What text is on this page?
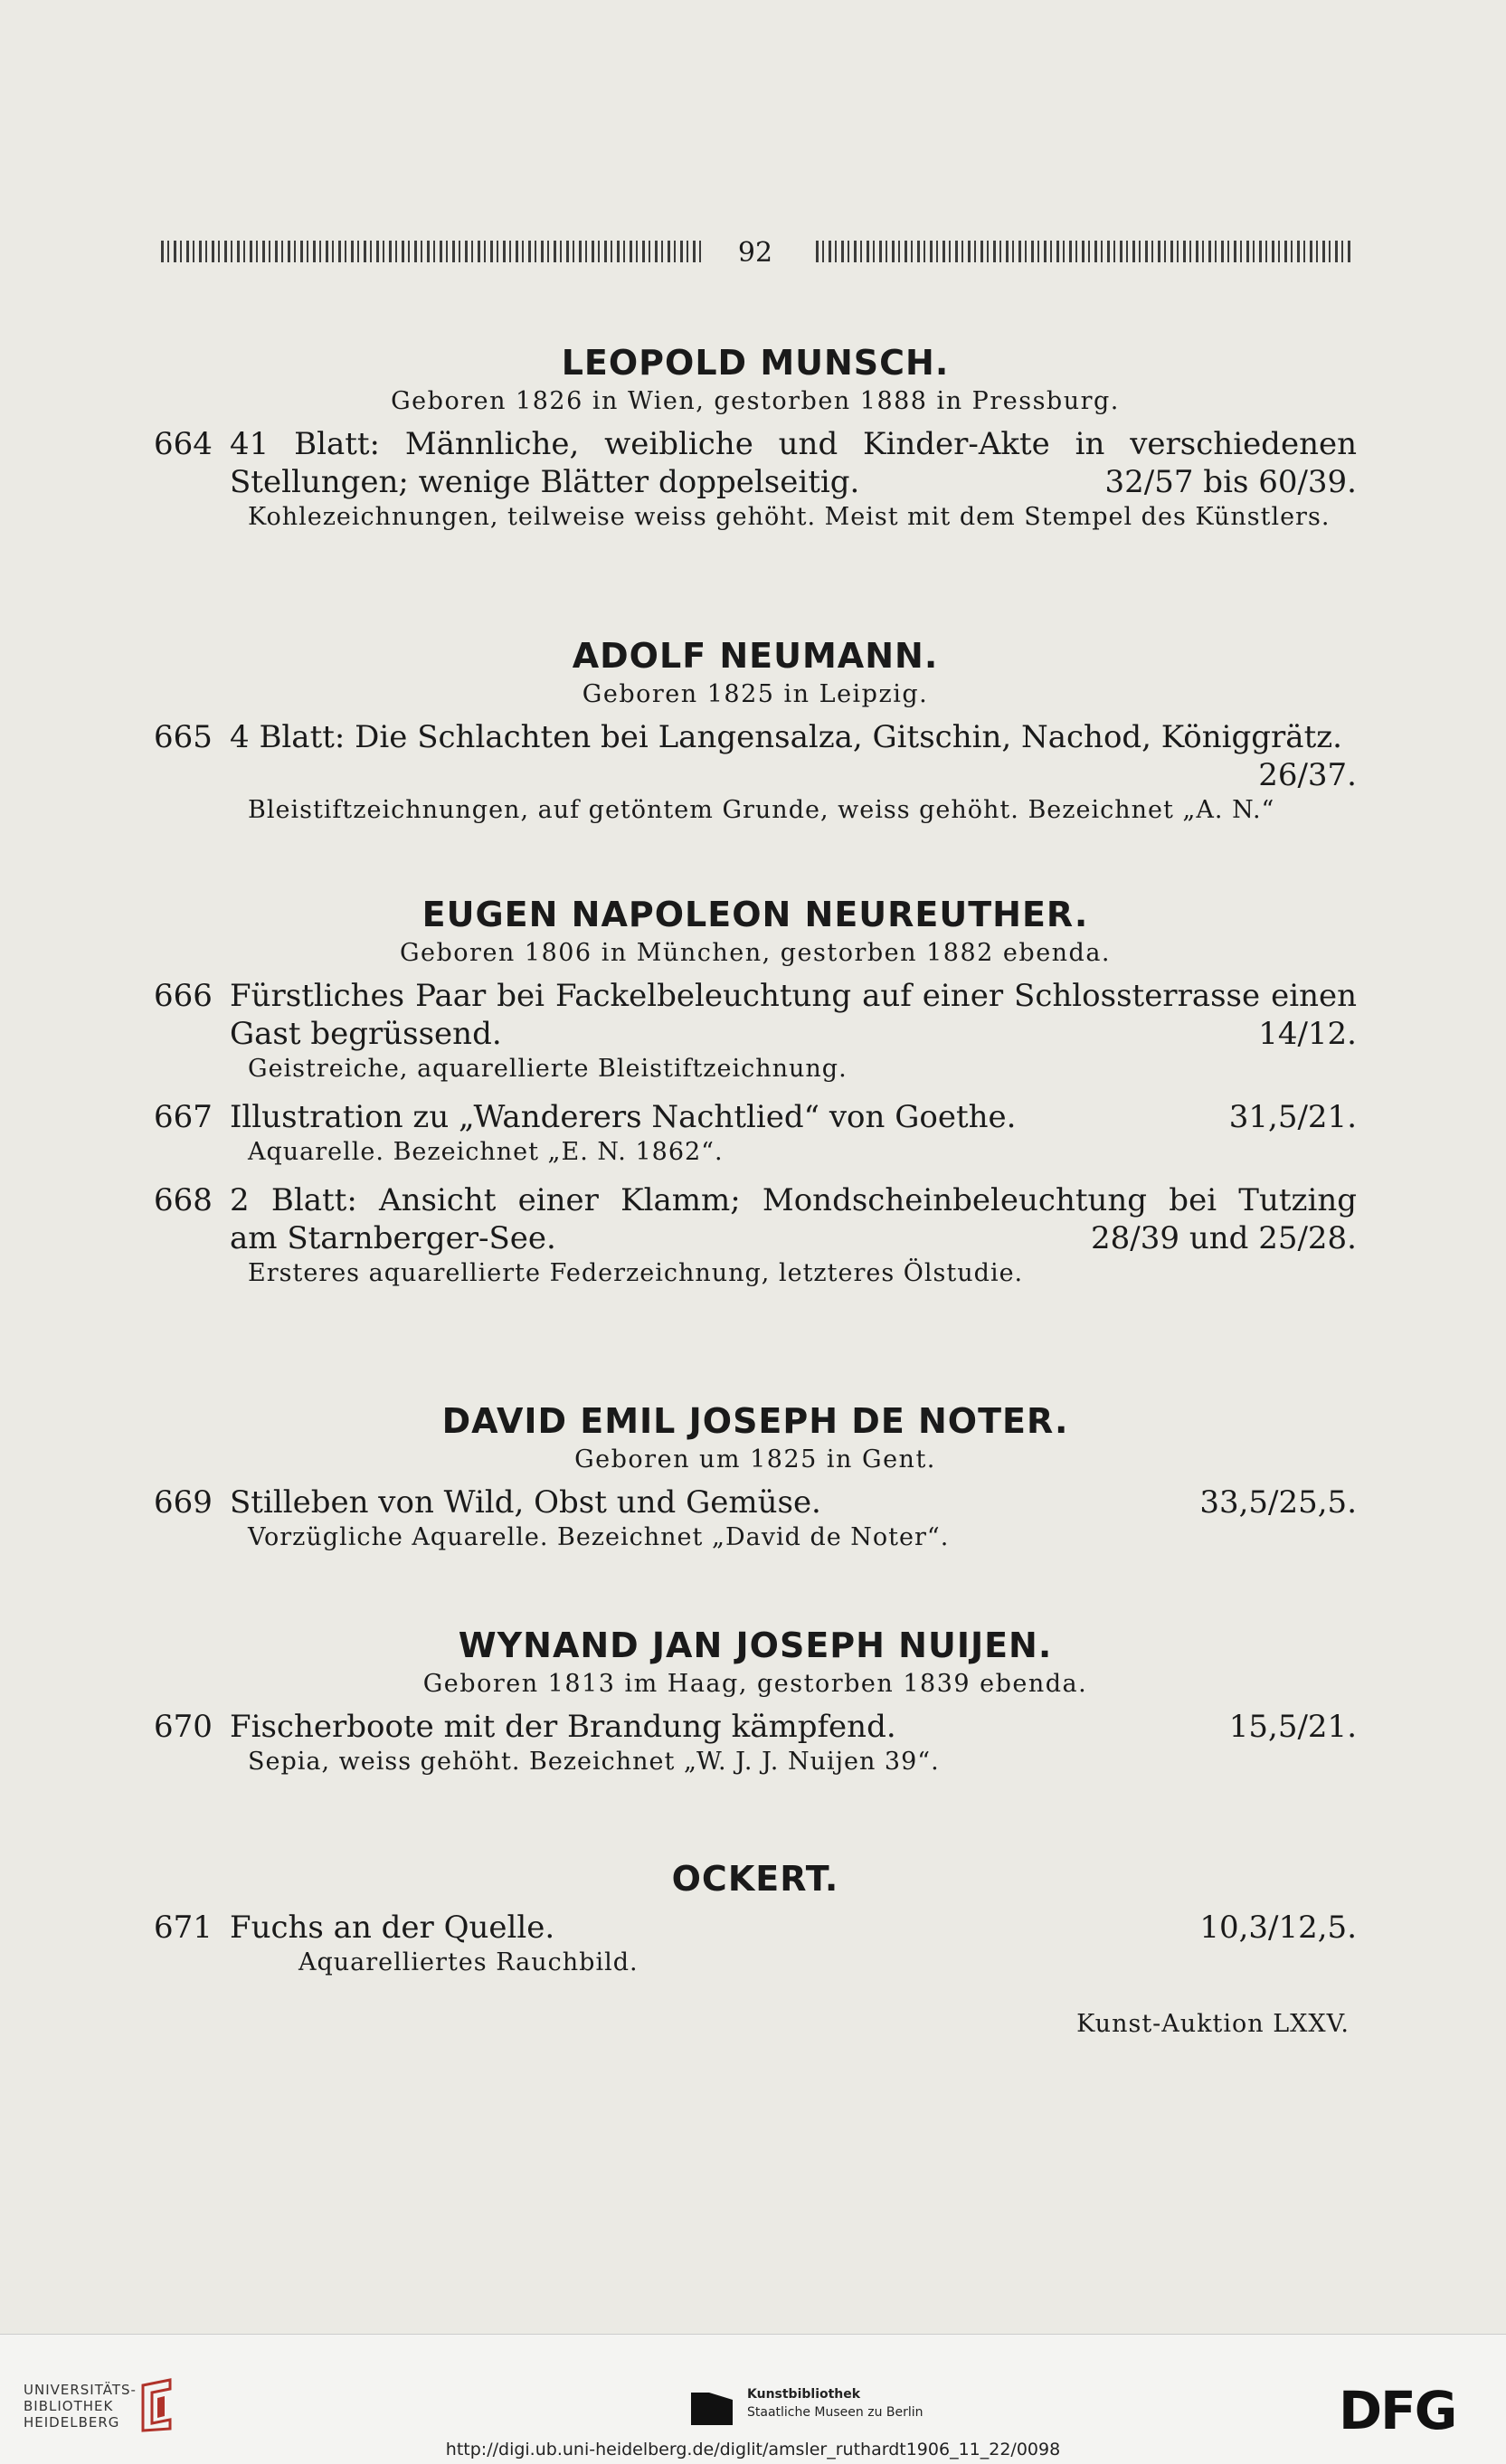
92
LEOPOLD MUNSCH.

Geboren 1826 in Wien, gestorben 1888 in Pressburg.

664 41 Blatt: Männliche, weibliche und Kinder-Akte in verschiedenen
Stellungen; wenige Blätter doppelseitig.	32/57 bis 60/39.
Kohlezeichnungen, teilweise weiss gehöht. Meist mit dem Stempel des Künstlers.
ADOLF NEUMANN.

Geboren 1825 in Leipzig.

665 4 Blatt: Die Schlachten bei Langensalza, Gitschin, Nachod, Königgrätz.
26/37.
Bleistiftzeichnungen, auf getöntem Grunde, weiss gehöht. Bezeichnet „A. N.“
EUGEN NAPOLEON NEUREUTHER.

Geboren 1806 in München, gestorben 1882 ebenda.

666 Fürstliches Paar bei Fackelbeleuchtung auf einer Schlossterrasse einen
Gast begrüssend.	14/12.
Geistreiche, aquarellierte Bleistiftzeichnung.
667 Illustration zu „Wanderers Nachtlied“ von Goethe.	31,5/21.
Aquarelle. Bezeichnet „E. N. 1862“.
668 2 Blatt: Ansicht einer Klamm; Mondscheinbeleuchtung bei Tutzing
am Starnberger-See.	28/39 und 25/28.
Ersteres aquarellierte Federzeichnung, letzteres Ölstudie.
DAVID EMIL JOSEPH DE NOTER.

Geboren um 1825 in Gent.

669 Stilleben von Wild, Obst und Gemüse.	33,5/25,5.
Vorzügliche Aquarelle. Bezeichnet „David de Noter“.
WYNAND JAN JOSEPH NUIJEN.

Geboren 1813 im Haag, gestorben 1839 ebenda.

670 Fischerboote mit der Brandung kämpfend.	15,5/21.
Sepia, weiss gehöht. Bezeichnet „W. J. J. Nuijen 39“.
OCKERT.
671 Fuchs an der Quelle.	10,3/12,5.
Aquarelliertes Rauchbild.
Kunst-Auktion LXXV.
UNIVERSITÄTS-
BIBLIOTHEK
HEIDELBERG
Kunstbibliothek
Staatliche Museen zu Berlin	DFG
http://digi.ub.uni-heidelberg.de/diglit/amsler_ruthardt1906_11_22/0098
